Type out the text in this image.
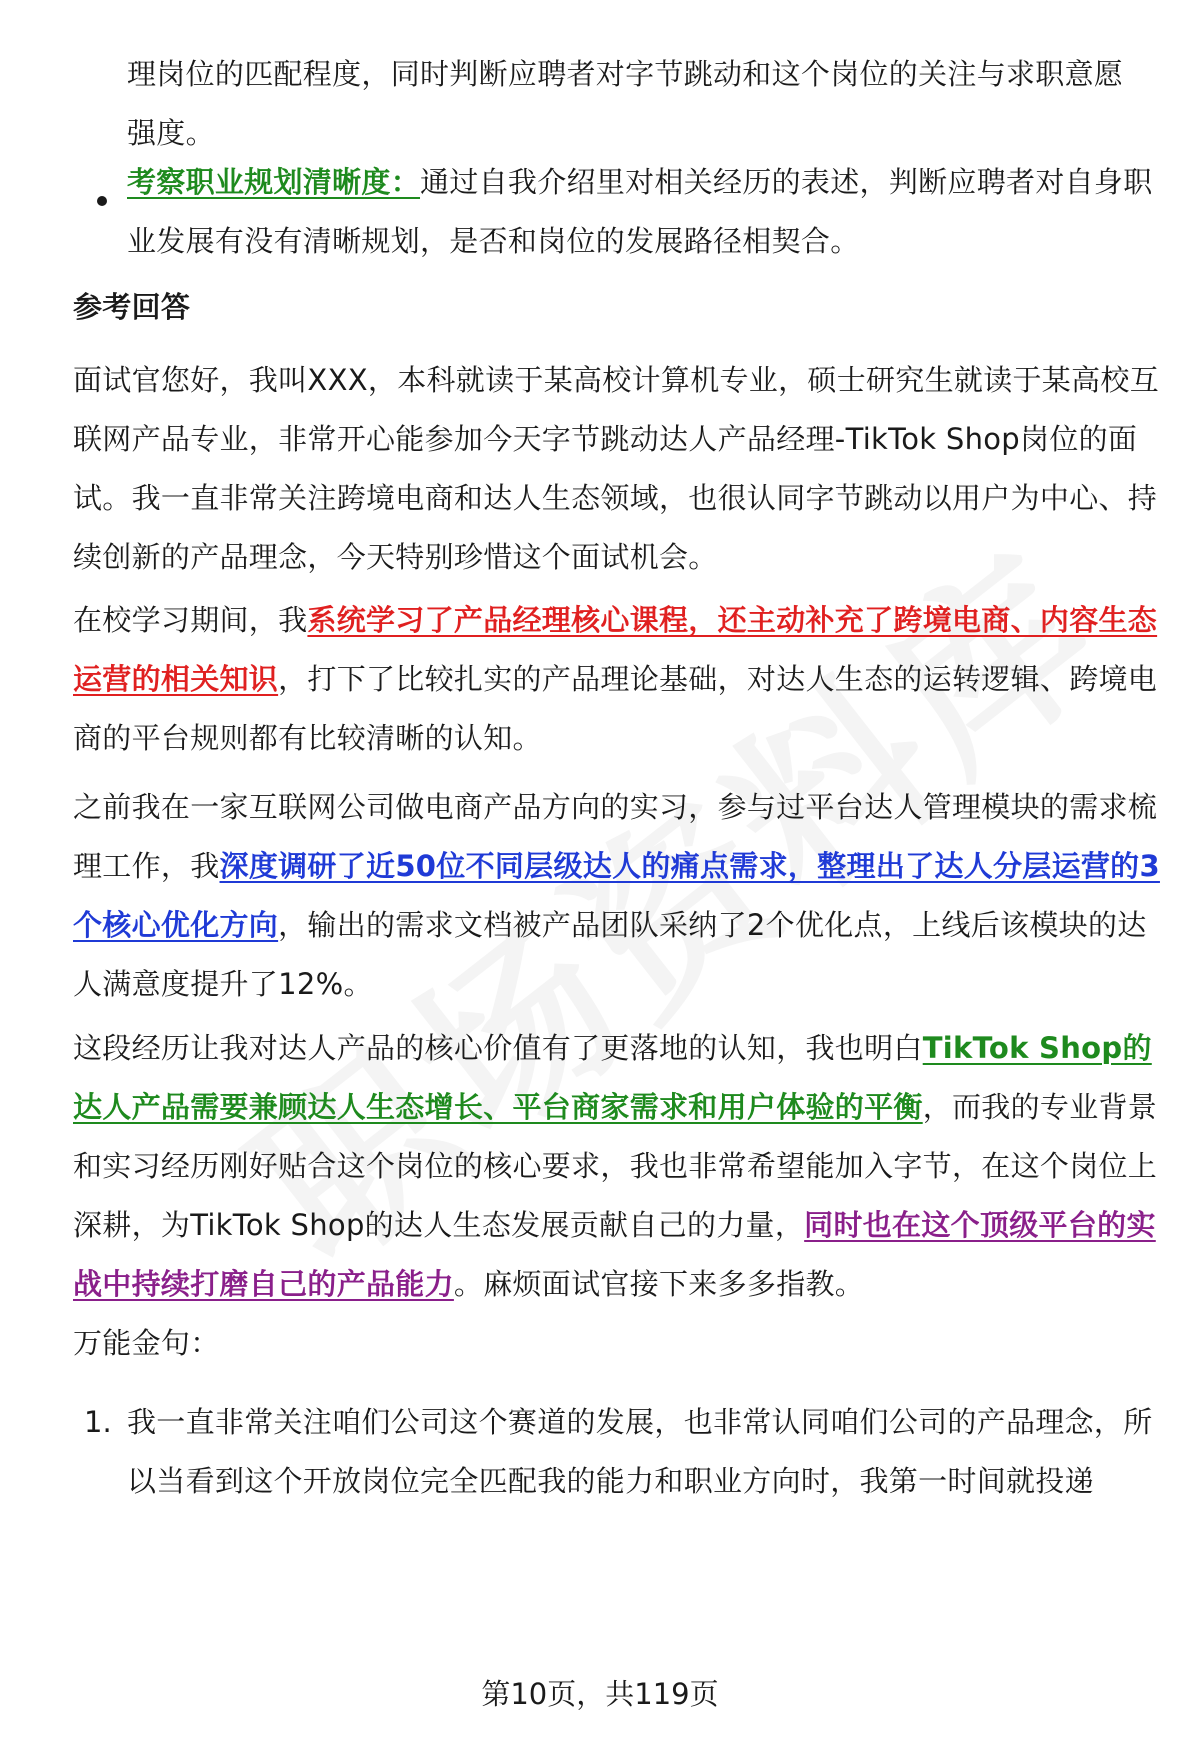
理岗位的匹配程度，同时判断应聘者对字节跳动和这个岗位的关注与求职意愿
强度。

考察职业规划清晰度：通过自我介绍里对相关经历的表述，判断应聘者对自身职业发展有没有清晰规划，是否和岗位的发展路径相契合。

参考回答

面试官您好，我叫XXX，本科就读于某高校计算机专业，硕士研究生就读于某高校互联网产品专业，非常开心能参加今天字节跳动达人产品经理-TikTok Shop岗位的面试。我一直非常关注跨境电商和达人生态领域，也很认同字节跳动以用户为中心、持续创新的产品理念，今天特别珍惜这个面试机会。

在校学习期间，我系统学习了产品经理核心课程，还主动补充了跨境电商、内容生态运营的相关知识，打下了比较扎实的产品理论基础，对达人生态的运转逻辑、跨境电商的平台规则都有比较清晰的认知。

之前我在一家互联网公司做电商产品方向的实习，参与过平台达人管理模块的需求梳理工作，我深度调研了近50位不同层级达人的痛点需求，整理出了达人分层运营的3个核心优化方向，输出的需求文档被产品团队采纳了2个优化点，上线后该模块的达人满意度提升了12%。

这段经历让我对达人产品的核心价值有了更落地的认知，我也明白TikTok Shop的达人产品需要兼顾达人生态增长、平台商家需求和用户体验的平衡，而我的专业背景和实习经历刚好贴合这个岗位的核心要求，我也非常希望能加入字节，在这个岗位上深耕，为TikTok Shop的达人生态发展贡献自己的力量，同时也在这个顶级平台的实战中持续打磨自己的产品能力。麻烦面试官接下来多多指教。

万能金句：

1. 我一直非常关注咱们公司这个赛道的发展，也非常认同咱们公司的产品理念，所以当看到这个开放岗位完全匹配我的能力和职业方向时，我第一时间就投递

第10页，共119页
